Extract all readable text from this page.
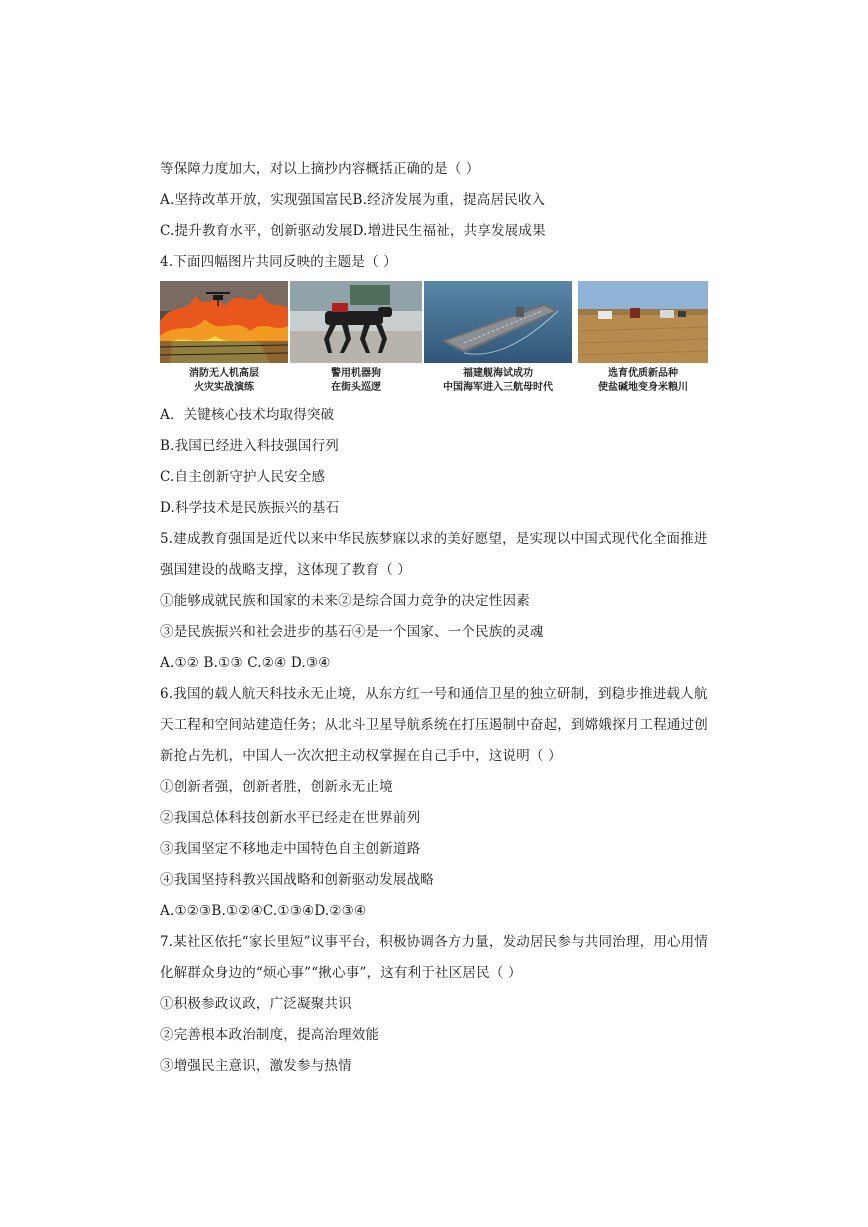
等保障力度加大，对以上摘抄内容概括正确的是（ ）
A.坚持改革开放，实现强国富民B.经济发展为重，提高居民收入
C.提升教育水平，创新驱动发展D.增进民生福祉，共享发展成果
4.下面四幅图片共同反映的主题是（ ）
消防无人机高层
火灾实战演练
警用机器狗
在街头巡逻
福建舰海试成功
中国海军进入三航母时代
选育优质新品种
使盐碱地变身米粮川
A．关键核心技术均取得突破
B.我国已经进入科技强国行列
C.自主创新守护人民安全感
D.科学技术是民族振兴的基石
5.建成教育强国是近代以来中华民族梦寐以求的美好愿望，是实现以中国式现代化全面推进
强国建设的战略支撑，这体现了教育（ ）
①能够成就民族和国家的未来②是综合国力竞争的决定性因素
③是民族振兴和社会进步的基石④是一个国家、一个民族的灵魂
A.①② B.①③ C.②④ D.③④
6.我国的载人航天科技永无止境，从东方红一号和通信卫星的独立研制，到稳步推进载人航
天工程和空间站建造任务；从北斗卫星导航系统在打压遏制中奋起，到嫦娥探月工程通过创
新抢占先机，中国人一次次把主动权掌握在自己手中，这说明（ ）
①创新者强，创新者胜，创新永无止境
②我国总体科技创新水平已经走在世界前列
③我国坚定不移地走中国特色自主创新道路
④我国坚持科教兴国战略和创新驱动发展战略
A.①②③B.①②④C.①③④D.②③④
7.某社区依托“家长里短”议事平台，积极协调各方力量，发动居民参与共同治理，用心用情
化解群众身边的“烦心事”“揪心事”，这有利于社区居民（ ）
①积极参政议政，广泛凝聚共识
②完善根本政治制度，提高治理效能
③增强民主意识，激发参与热情
